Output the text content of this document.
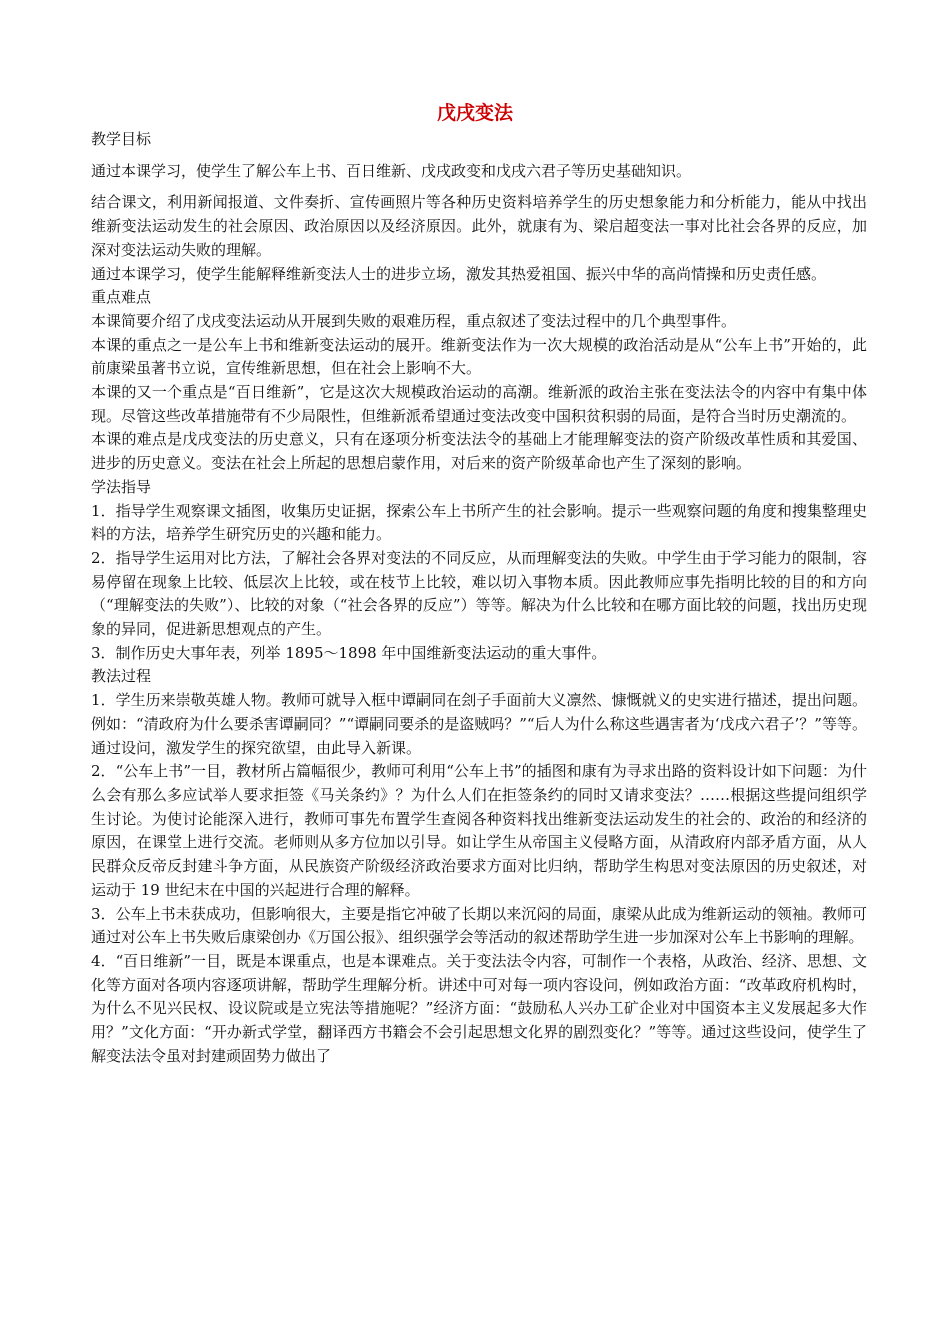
戊戌变法

教学目标

通过本课学习，使学生了解公车上书、百日维新、戊戌政变和戊戌六君子等历史基础知识。

结合课文，利用新闻报道、文件奏折、宣传画照片等各种历史资料培养学生的历史想象能力和分析能力，能从中找出维新变法运动发生的社会原因、政治原因以及经济原因。此外，就康有为、梁启超变法一事对比社会各界的反应，加深对变法运动失败的理解。

通过本课学习，使学生能解释维新变法人士的进步立场，激发其热爱祖国、振兴中华的高尚情操和历史责任感。

重点难点

本课简要介绍了戊戌变法运动从开展到失败的艰难历程，重点叙述了变法过程中的几个典型事件。

本课的重点之一是公车上书和维新变法运动的展开。维新变法作为一次大规模的政治活动是从“公车上书”开始的，此前康梁虽著书立说，宣传维新思想，但在社会上影响不大。

本课的又一个重点是“百日维新”，它是这次大规模政治运动的高潮。维新派的政治主张在变法法令的内容中有集中体现。尽管这些改革措施带有不少局限性，但维新派希望通过变法改变中国积贫积弱的局面，是符合当时历史潮流的。

本课的难点是戊戌变法的历史意义，只有在逐项分析变法法令的基础上才能理解变法的资产阶级改革性质和其爱国、进步的历史意义。变法在社会上所起的思想启蒙作用，对后来的资产阶级革命也产生了深刻的影响。

学法指导

1．指导学生观察课文插图，收集历史证据，探索公车上书所产生的社会影响。提示一些观察问题的角度和搜集整理史料的方法，培养学生研究历史的兴趣和能力。

2．指导学生运用对比方法，了解社会各界对变法的不同反应，从而理解变法的失败。中学生由于学习能力的限制，容易停留在现象上比较、低层次上比较，或在枝节上比较，难以切入事物本质。因此教师应事先指明比较的目的和方向（“理解变法的失败”）、比较的对象（“社会各界的反应”）等等。解决为什么比较和在哪方面比较的问题，找出历史现象的异同，促进新思想观点的产生。

3．制作历史大事年表，列举 1895～1898 年中国维新变法运动的重大事件。

教法过程

1．学生历来崇敬英雄人物。教师可就导入框中谭嗣同在刽子手面前大义凛然、慷慨就义的史实进行描述，提出问题。例如：“清政府为什么要杀害谭嗣同？”“谭嗣同要杀的是盗贼吗？”“后人为什么称这些遇害者为‘戊戌六君子’？”等等。通过设问，激发学生的探究欲望，由此导入新课。

2．“公车上书”一目，教材所占篇幅很少，教师可利用“公车上书”的插图和康有为寻求出路的资料设计如下问题：为什么会有那么多应试举人要求拒签《马关条约》？为什么人们在拒签条约的同时又请求变法？……根据这些提问组织学生讨论。为使讨论能深入进行，教师可事先布置学生查阅各种资料找出维新变法运动发生的社会的、政治的和经济的原因，在课堂上进行交流。老师则从多方位加以引导。如让学生从帝国主义侵略方面，从清政府内部矛盾方面，从人民群众反帝反封建斗争方面，从民族资产阶级经济政治要求方面对比归纳，帮助学生构思对变法原因的历史叙述，对运动于 19 世纪末在中国的兴起进行合理的解释。

3．公车上书未获成功，但影响很大，主要是指它冲破了长期以来沉闷的局面，康梁从此成为维新运动的领袖。教师可通过对公车上书失败后康梁创办《万国公报》、组织强学会等活动的叙述帮助学生进一步加深对公车上书影响的理解。

4．“百日维新”一目，既是本课重点，也是本课难点。关于变法法令内容，可制作一个表格，从政治、经济、思想、文化等方面对各项内容逐项讲解，帮助学生理解分析。讲述中可对每一项内容设问，例如政治方面：“改革政府机构时，为什么不见兴民权、设议院或是立宪法等措施呢？”经济方面：“鼓励私人兴办工矿企业对中国资本主义发展起多大作用？”文化方面：“开办新式学堂，翻译西方书籍会不会引起思想文化界的剧烈变化？”等等。通过这些设问，使学生了解变法法令虽对封建顽固势力做出了
